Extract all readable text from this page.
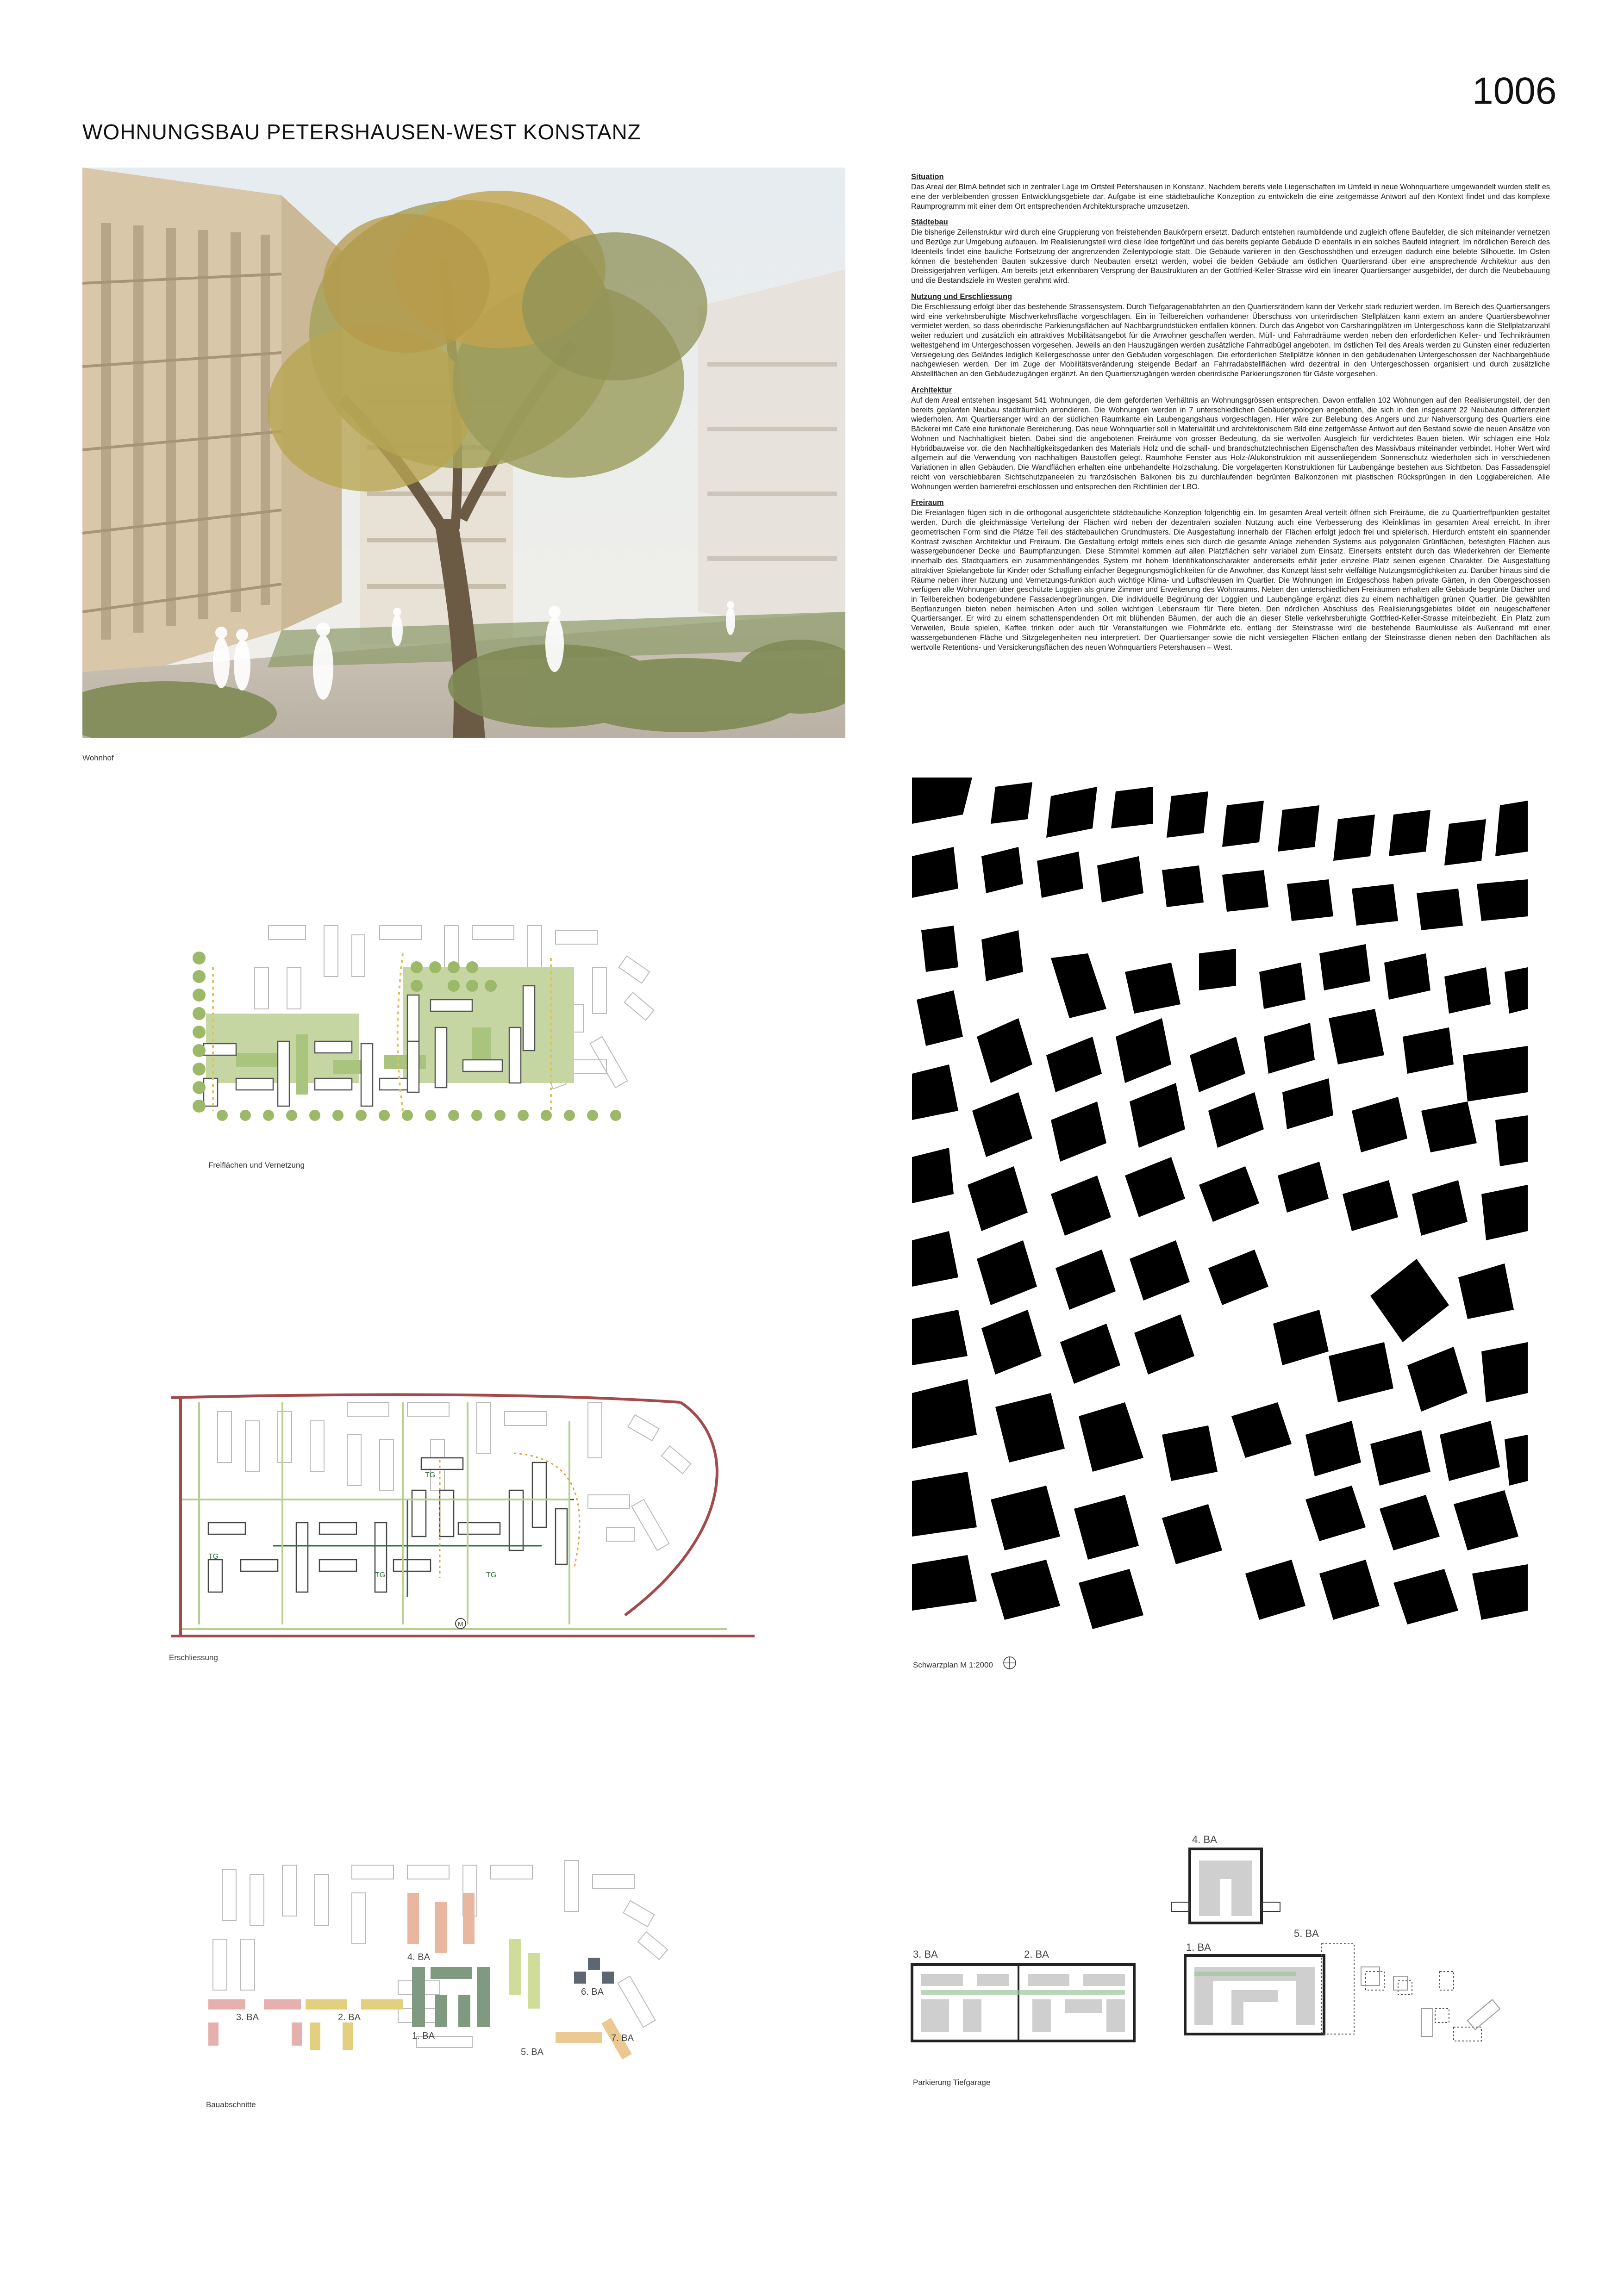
1006
WOHNUNGSBAU PETERSHAUSEN-WEST KONSTANZ
Wohnhof
Situation

Das Areal der BImA befindet sich in zentraler Lage im Ortsteil Petershausen in Konstanz. Nachdem bereits viele Liegenschaften im Umfeld in neue Wohnquartiere umgewandelt wurden stellt es eine der verbleibenden grossen Entwicklungsgebiete dar. Aufgabe ist eine städtebauliche Konzeption zu entwickeln die eine zeitgemässe Antwort auf den Kontext findet und das komplexe Raumprogramm mit einer dem Ort entsprechenden Architektursprache umzusetzen.

Städtebau

Die bisherige Zeilenstruktur wird durch eine Gruppierung von freistehenden Baukörpern ersetzt. Dadurch entstehen raumbildende und zugleich offene Baufelder, die sich miteinander vernetzen und Bezüge zur Umgebung aufbauen. Im Realisierungsteil wird diese Idee fortgeführt und das bereits geplante Gebäude D ebenfalls in ein solches Baufeld integriert. Im nördlichen Bereich des Ideenteils findet eine bauliche Fortsetzung der angrenzenden Zeilentypologie statt. Die Gebäude variieren in den Geschosshöhen und erzeugen dadurch eine belebte Silhouette. Im Osten können die bestehenden Bauten sukzessive durch Neubauten ersetzt werden, wobei die beiden Gebäude am östlichen Quartiersrand über eine ansprechende Architektur aus den Dreissigerjahren verfügen. Am bereits jetzt erkennbaren Versprung der Baustrukturen an der Gottfried-Keller-Strasse wird ein linearer Quartiersanger ausgebildet, der durch die Neubebauung und die Bestandsziele im Westen gerahmt wird.

Nutzung und Erschliessung

Die Erschliessung erfolgt über das bestehende Strassensystem. Durch Tiefgaragenabfahrten an den Quartiersrändern kann der Verkehr stark reduziert werden. Im Bereich des Quartiersangers wird eine verkehrsberuhigte Mischverkehrsfläche vorgeschlagen. Ein in Teilbereichen vorhandener Überschuss von unterirdischen Stellplätzen kann extern an andere Quartiersbewohner vermietet werden, so dass oberirdische Parkierungsflächen auf Nachbargrundstücken entfallen können. Durch das Angebot von Carsharingplätzen im Untergeschoss kann die Stellplatzanzahl weiter reduziert und zusätzlich ein attraktives Mobilitätsangebot für die Anwohner geschaffen werden. Müll- und Fahrradräume werden neben den erforderlichen Keller- und Technikräumen weitestgehend im Untergeschossen vorgesehen. Jeweils an den Hauszugängen werden zusätzliche Fahrradbügel angeboten. Im östlichen Teil des Areals werden zu Gunsten einer reduzierten Versiegelung des Geländes lediglich Kellergeschosse unter den Gebäuden vorgeschlagen. Die erforderlichen Stellplätze können in den gebäudenahen Untergeschossen der Nachbargebäude nachgewiesen werden. Der im Zuge der Mobilitätsveränderung steigende Bedarf an Fahrradabstellflächen wird dezentral in den Untergeschossen organisiert und durch zusätzliche Abstellflächen an den Gebäudezugängen ergänzt. An den Quartierszugängen werden oberirdische Parkierungszonen für Gäste vorgesehen.

Architektur

Auf dem Areal entstehen insgesamt 541 Wohnungen, die dem geforderten Verhältnis an Wohnungsgrössen entsprechen. Davon entfallen 102 Wohnungen auf den Realisierungsteil, der den bereits geplanten Neubau stadträumlich arrondieren. Die Wohnungen werden in 7 unterschiedlichen Gebäudetypologien angeboten, die sich in den insgesamt 22 Neubauten differenziert wiederholen. Am Quartiersanger wird an der südlichen Raumkante ein Laubengangshaus vorgeschlagen. Hier wäre zur Belebung des Angers und zur Nahversorgung des Quartiers eine Bäckerei mit Café eine funktionale Bereicherung. Das neue Wohnquartier soll in Materialität und architektonischem Bild eine zeitgemässe Antwort auf den Bestand sowie die neuen Ansätze von Wohnen und Nachhaltigkeit bieten. Dabei sind die angebotenen Freiräume von grosser Bedeutung, da sie wertvollen Ausgleich für verdichtetes Bauen bieten. Wir schlagen eine Holz Hybridbauweise vor, die den Nachhaltigkeitsgedanken des Materials Holz und die schall- und brandschutztechnischen Eigenschaften des Massivbaus miteinander verbindet. Hoher Wert wird allgemein auf die Verwendung von nachhaltigen Baustoffen gelegt. Raumhohe Fenster aus Holz-/Alukonstruktion mit aussenliegendem Sonnenschutz wiederholen sich in verschiedenen Variationen in allen Gebäuden. Die Wandflächen erhalten eine unbehandelte Holzschalung. Die vorgelagerten Konstruktionen für Laubengänge bestehen aus Sichtbeton. Das Fassadenspiel reicht von verschiebbaren Sichtschutzpaneelen zu französischen Balkonen bis zu durchlaufenden begrünten Balkonzonen mit plastischen Rücksprüngen in den Loggiabereichen. Alle Wohnungen werden barrierefrei erschlossen und entsprechen den Richtlinien der LBO.

Freiraum

Die Freianlagen fügen sich in die orthogonal ausgerichtete städtebauliche Konzeption folgerichtig ein. Im gesamten Areal verteilt öffnen sich Freiräume, die zu Quartiertreffpunkten gestaltet werden. Durch die gleichmässige Verteilung der Flächen wird neben der dezentralen sozialen Nutzung auch eine Verbesserung des Kleinklimas im gesamten Areal erreicht. In ihrer geometrischen Form sind die Plätze Teil des städtebaulichen Grundmusters. Die Ausgestaltung innerhalb der Flächen erfolgt jedoch frei und spielerisch. Hierdurch entsteht ein spannender Kontrast zwischen Architektur und Freiraum. Die Gestaltung erfolgt mittels eines sich durch die gesamte Anlage ziehenden Systems aus polygonalen Grünflächen, befestigten Flächen aus wassergebundener Decke und Baumpflanzungen. Diese Stimmitel kommen auf allen Platzflächen sehr variabel zum Einsatz. Einerseits entsteht durch das Wiederkehren der Elemente innerhalb des Stadtquartiers ein zusammenhängendes System mit hohem Identifikationscharakter andererseits erhält jeder einzelne Platz seinen eigenen Charakter. Die Ausgestaltung attraktiver Spielangebote für Kinder oder Schaffung einfacher Begegnungsmöglichkeiten für die Anwohner, das Konzept lässt sehr vielfältige Nutzungsmöglichkeiten zu. Darüber hinaus sind die Räume neben ihrer Nutzung und Vernetzungs-funktion auch wichtige Klima- und Luftschleusen im Quartier. Die Wohnungen im Erdgeschoss haben private Gärten, in den Obergeschossen verfügen alle Wohnungen über geschützte Loggien als grüne Zimmer und Erweiterung des Wohnraums. Neben den unterschiedlichen Freiräumen erhalten alle Gebäude begrünte Dächer und in Teilbereichen bodengebundene Fassadenbegrünungen. Die individuelle Begrünung der Loggien und Laubengänge ergänzt dies zu einem nachhaltigen grünen Quartier. Die gewählten Bepflanzungen bieten neben heimischen Arten und sollen wichtigen Lebensraum für Tiere bieten. Den nördlichen Abschluss des Realisierungsgebietes bildet ein neugeschaffener Quartiersanger. Er wird zu einem schattenspendenden Ort mit blühenden Bäumen, der auch die an dieser Stelle verkehrsberuhigte Gottfried-Keller-Strasse miteinbezieht. Ein Platz zum Verweilen, Boule spielen, Kaffee trinken oder auch für Veranstaltungen wie Flohmärkte etc. entlang der Steinstrasse wird die bestehende Baumkulisse als Außenrand mit einer wassergebundenen Fläche und Sitzgelegenheiten neu interpretiert. Der Quartiersanger sowie die nicht versiegelten Flächen entlang der Steinstrasse dienen neben den Dachflächen als wertvolle Retentions- und Versickerungsflächen des neuen Wohnquartiers Petershausen – West.

Freiflächen und Vernetzung
TG
TG
TG	TG
M
Erschliessung
Schwarzplan M 1:2000
4. BA
6. BA
3. BA	2. BA
1. BA
5. BA
7. BA
Bauabschnitte
4. BA
5. BA
1. BA
3. BA	2. BA
Parkierung Tiefgarage
